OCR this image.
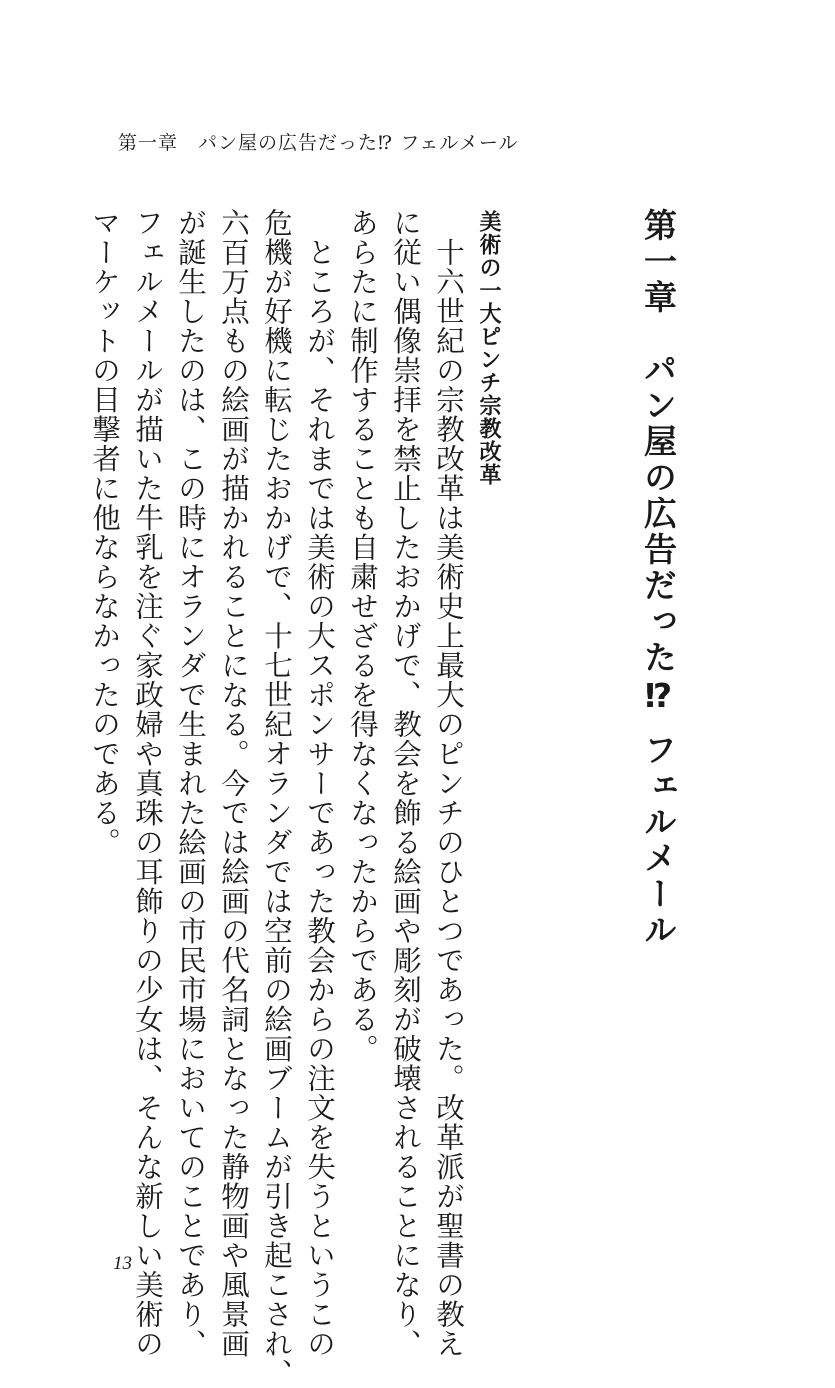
第一章　パン屋の広告だった⁉ フェルメール
第一章　パン屋の広告だった⁉ フェルメール
美術の一大ピンチ宗教改革

　十六世紀の宗教改革は美術史上最大のピンチのひとつであった。改革派が聖書の教え

に従い偶像崇拝を禁止したおかげで、教会を飾る絵画や彫刻が破壊されることになり、

あらたに制作することも自粛せざるを得なくなったからである。

　ところが、それまでは美術の大スポンサーであった教会からの注文を失うというこの

危機が好機に転じたおかげで、十七世紀オランダでは空前の絵画ブームが引き起こされ、

六百万点もの絵画が描かれることになる。今では絵画の代名詞となった静物画や風景画

が誕生したのは、この時にオランダで生まれた絵画の市民市場においてのことであり、

フェルメールが描いた牛乳を注ぐ家政婦や真珠の耳飾りの少女は、そんな新しい美術の

マーケットの目撃者に他ならなかったのである。

13
